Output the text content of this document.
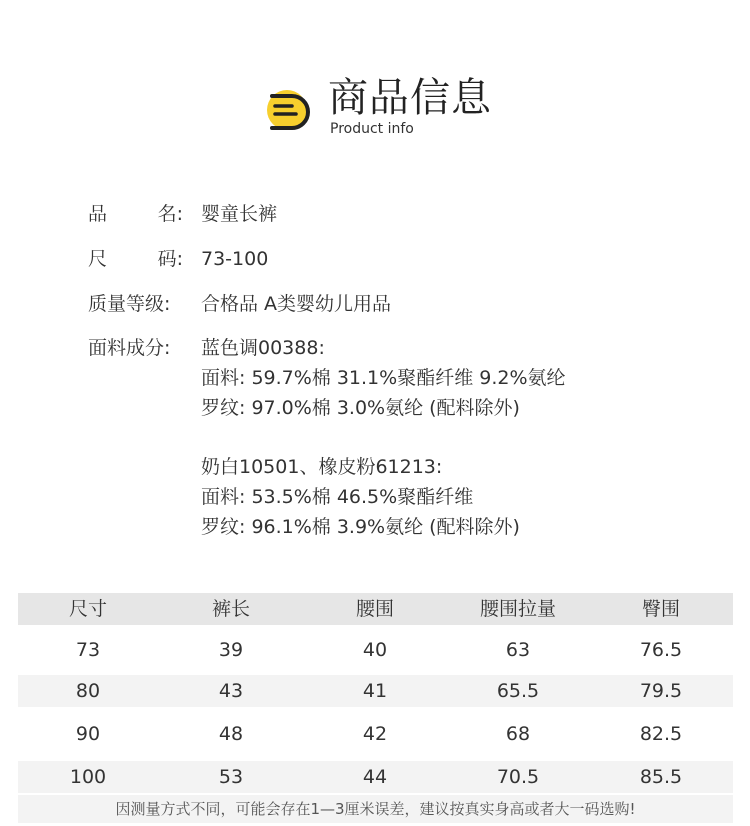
商品信息
Product info
品	名: 婴童长裤
尺	码: 73-100
质量等级:	合格品 A类婴幼儿用品
面料成分:	蓝色调00388:
面料: 59.7%棉 31.1%聚酯纤维 9.2%氨纶
罗纹: 97.0%棉 3.0%氨纶 (配料除外)
奶白10501、橡皮粉61213:
面料: 53.5%棉 46.5%聚酯纤维
罗纹: 96.1%棉 3.9%氨纶 (配料除外)
尺寸	裤长	腰围	腰围拉量	臀围
73	39	40	63	76.5
80	43	41	65.5	79.5
90	48	42	68	82.5
100	53	44	70.5	85.5
因测量方式不同，可能会存在1—3厘米误差，建议按真实身高或者大一码选购!
